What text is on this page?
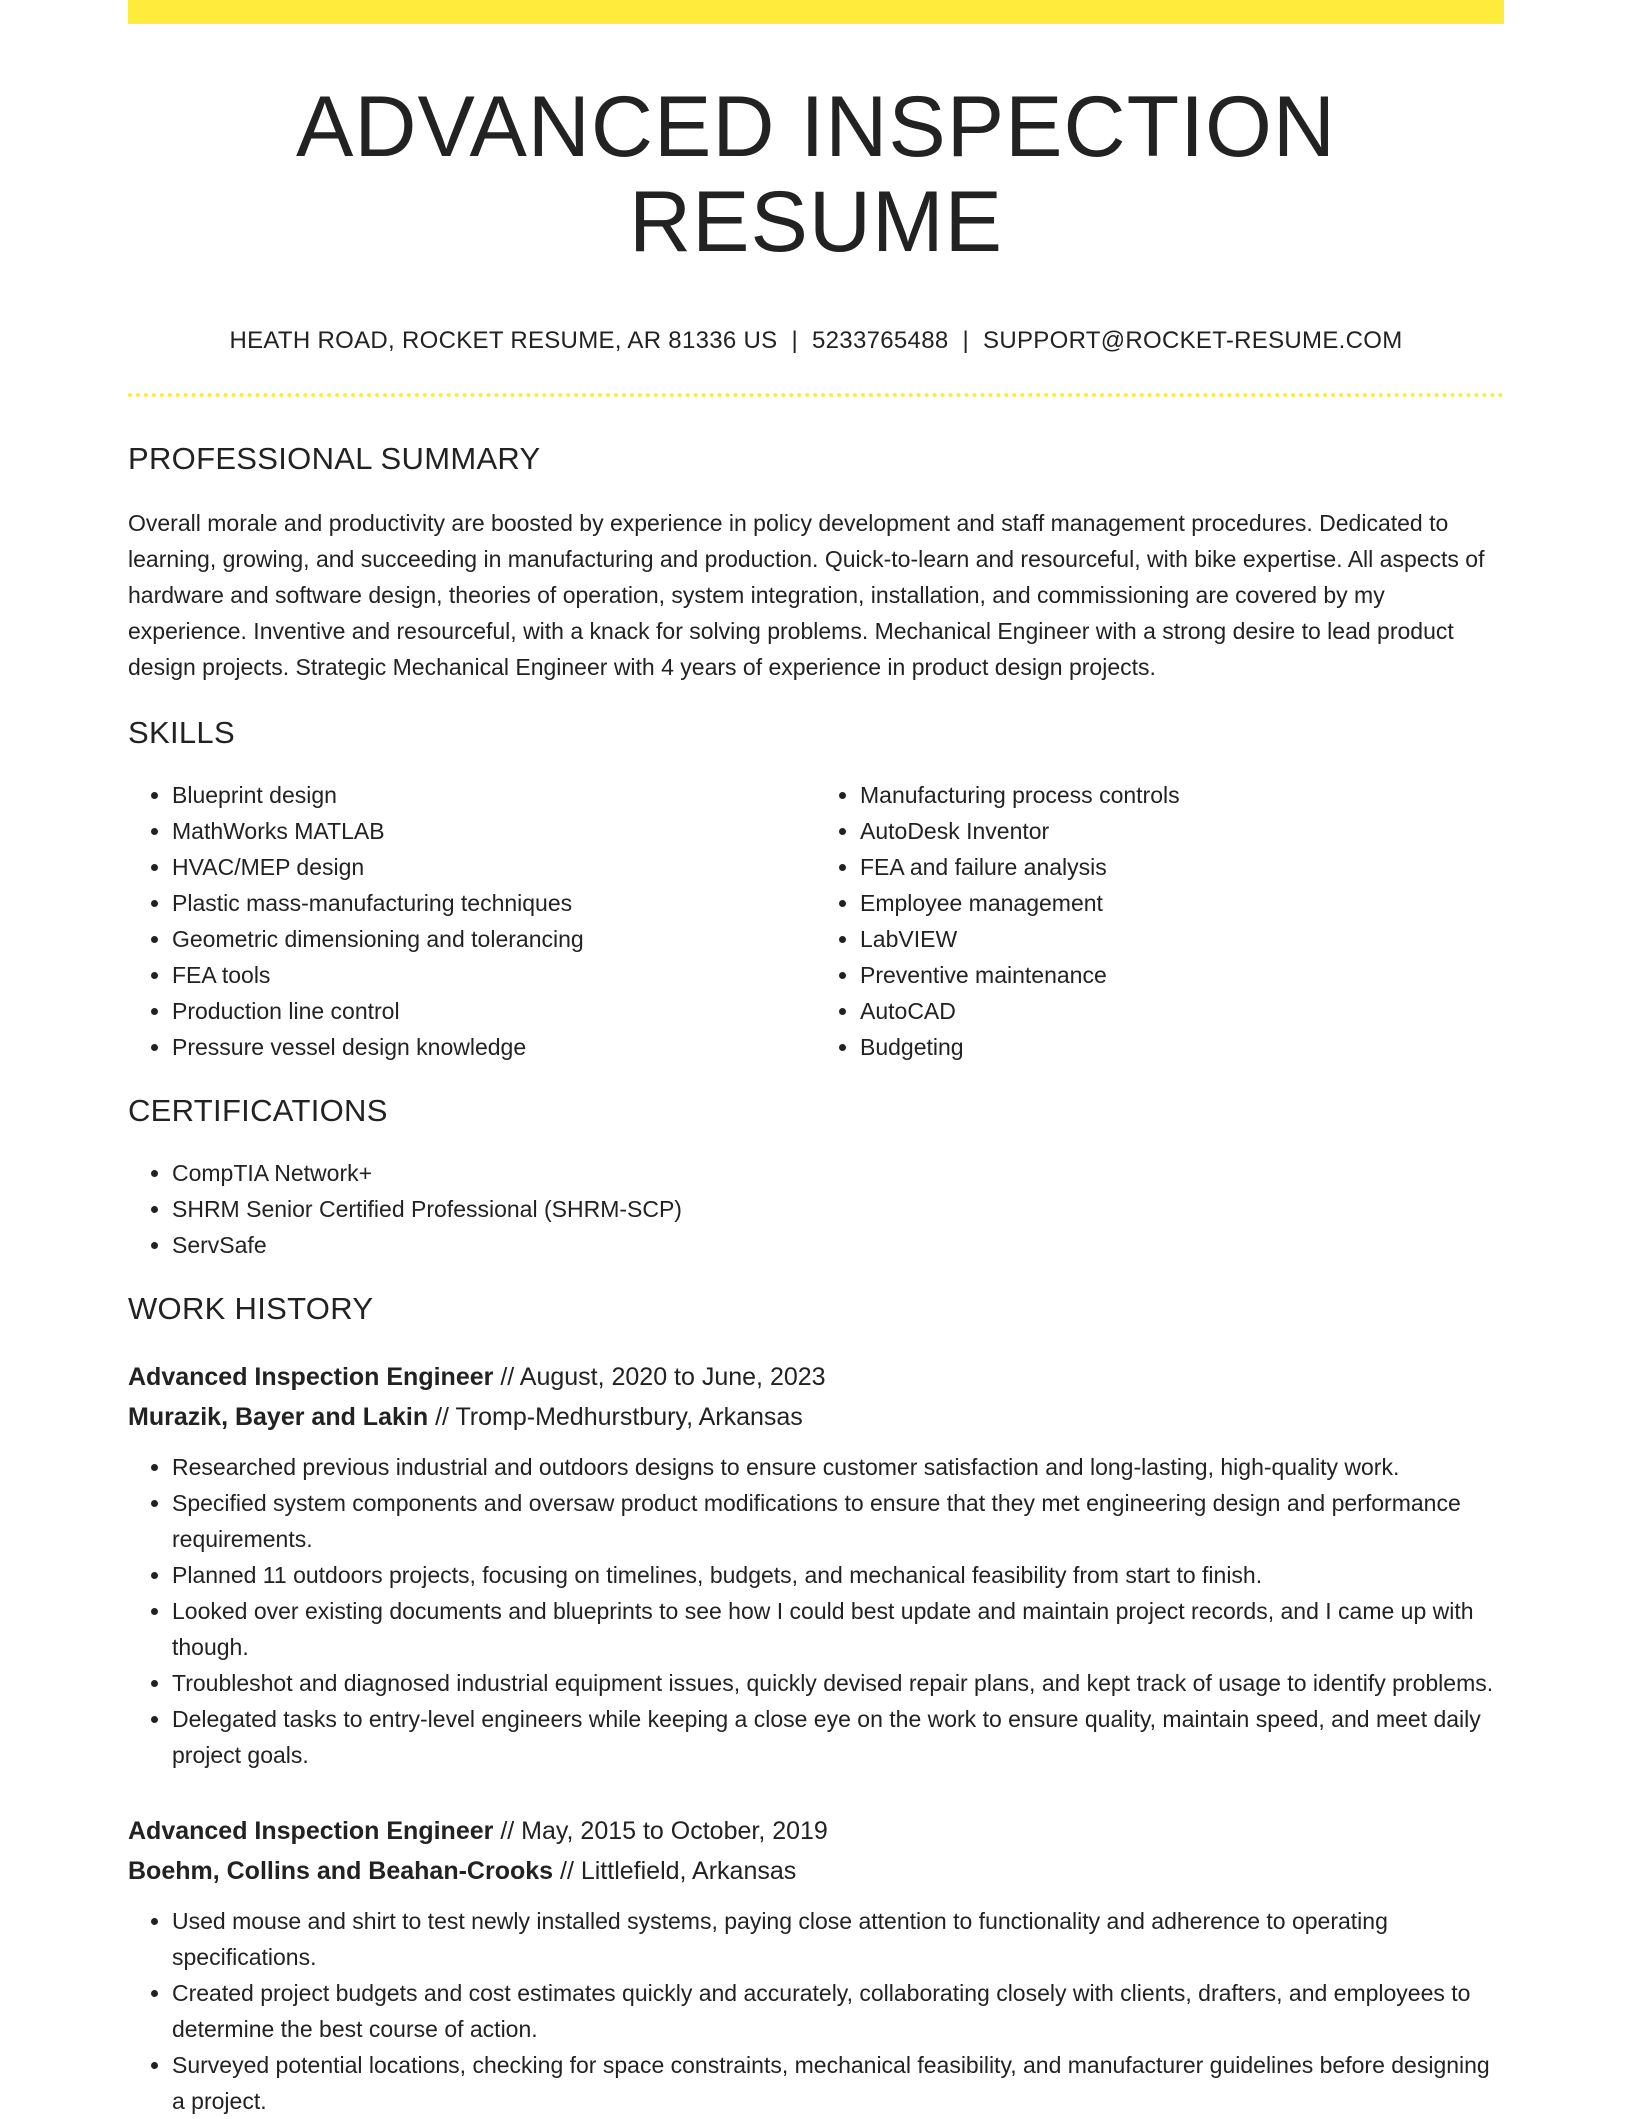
ADVANCED INSPECTION RESUME
HEATH ROAD, ROCKET RESUME, AR 81336 US | 5233765488 | SUPPORT@ROCKET-RESUME.COM
PROFESSIONAL SUMMARY

Overall morale and productivity are boosted by experience in policy development and staff management procedures. Dedicated to learning, growing, and succeeding in manufacturing and production. Quick-to-learn and resourceful, with bike expertise. All aspects of hardware and software design, theories of operation, system integration, installation, and commissioning are covered by my experience. Inventive and resourceful, with a knack for solving problems. Mechanical Engineer with a strong desire to lead product design projects. Strategic Mechanical Engineer with 4 years of experience in product design projects.

SKILLS
• Blueprint design
• MathWorks MATLAB
• HVAC/MEP design
• Plastic mass-manufacturing techniques
• Geometric dimensioning and tolerancing
• FEA tools
• Production line control
• Pressure vessel design knowledge
• Manufacturing process controls
• AutoDesk Inventor
• FEA and failure analysis
• Employee management
• LabVIEW
• Preventive maintenance
• AutoCAD
• Budgeting
CERTIFICATIONS
• CompTIA Network+
• SHRM Senior Certified Professional (SHRM-SCP)
• ServSafe
WORK HISTORY
Advanced Inspection Engineer // August, 2020 to June, 2023
Murazik, Bayer and Lakin // Tromp-Medhurstbury, Arkansas
• Researched previous industrial and outdoors designs to ensure customer satisfaction and long-lasting, high-quality work.
• Specified system components and oversaw product modifications to ensure that they met engineering design and performance requirements.
• Planned 11 outdoors projects, focusing on timelines, budgets, and mechanical feasibility from start to finish.
• Looked over existing documents and blueprints to see how I could best update and maintain project records, and I came up with though.
• Troubleshot and diagnosed industrial equipment issues, quickly devised repair plans, and kept track of usage to identify problems.
• Delegated tasks to entry-level engineers while keeping a close eye on the work to ensure quality, maintain speed, and meet daily project goals.
Advanced Inspection Engineer // May, 2015 to October, 2019
Boehm, Collins and Beahan-Crooks // Littlefield, Arkansas
• Used mouse and shirt to test newly installed systems, paying close attention to functionality and adherence to operating specifications.
• Created project budgets and cost estimates quickly and accurately, collaborating closely with clients, drafters, and employees to determine the best course of action.
• Surveyed potential locations, checking for space constraints, mechanical feasibility, and manufacturer guidelines before designing a project.
